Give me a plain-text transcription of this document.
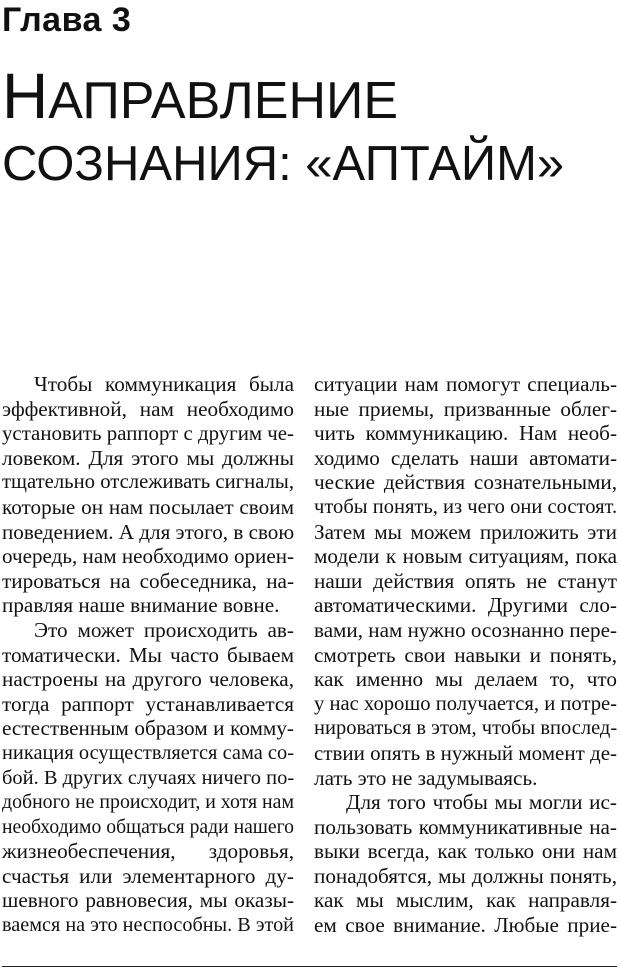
Глава 3
НАПРАВЛЕНИЕ
СОЗНАНИЯ: «АПТАЙМ»

Чтобы коммуникация была
эффективной, нам необходимо
установить раппорт с другим че-
ловеком. Для этого мы должны
тщательно отслеживать сигналы,
которые он нам посылает своим
поведением. А для этого, в свою
очередь, нам необходимо ориен-
тироваться на собеседника, на-
правляя наше внимание вовне.

Это может происходить ав-
томатически. Мы часто бываем
настроены на другого человека,
тогда раппорт устанавливается
естественным образом и комму-
никация осуществляется сама со-
бой. В других случаях ничего по-
добного не происходит, и хотя нам
необходимо общаться ради нашего
жизнеобеспечения, здоровья,
счастья или элементарного ду-
шевного равновесия, мы оказы-
ваемся на это неспособны. В этой

ситуации нам помогут специаль-
ные приемы, призванные облег-
чить коммуникацию. Нам необ-
ходимо сделать наши автомати-
ческие действия сознательными,
чтобы понять, из чего они состоят.
Затем мы можем приложить эти
модели к новым ситуациям, пока
наши действия опять не станут
автоматическими. Другими сло-
вами, нам нужно осознанно пере-
смотреть свои навыки и понять,
как именно мы делаем то, что
у нас хорошо получается, и потре-
нироваться в этом, чтобы впослед-
ствии опять в нужный момент де-
лать это не задумываясь.

Для того чтобы мы могли ис-
пользовать коммуникативные на-
выки всегда, как только они нам
понадобятся, мы должны понять,
как мы мыслим, как направля-
ем свое внимание. Любые прие-
